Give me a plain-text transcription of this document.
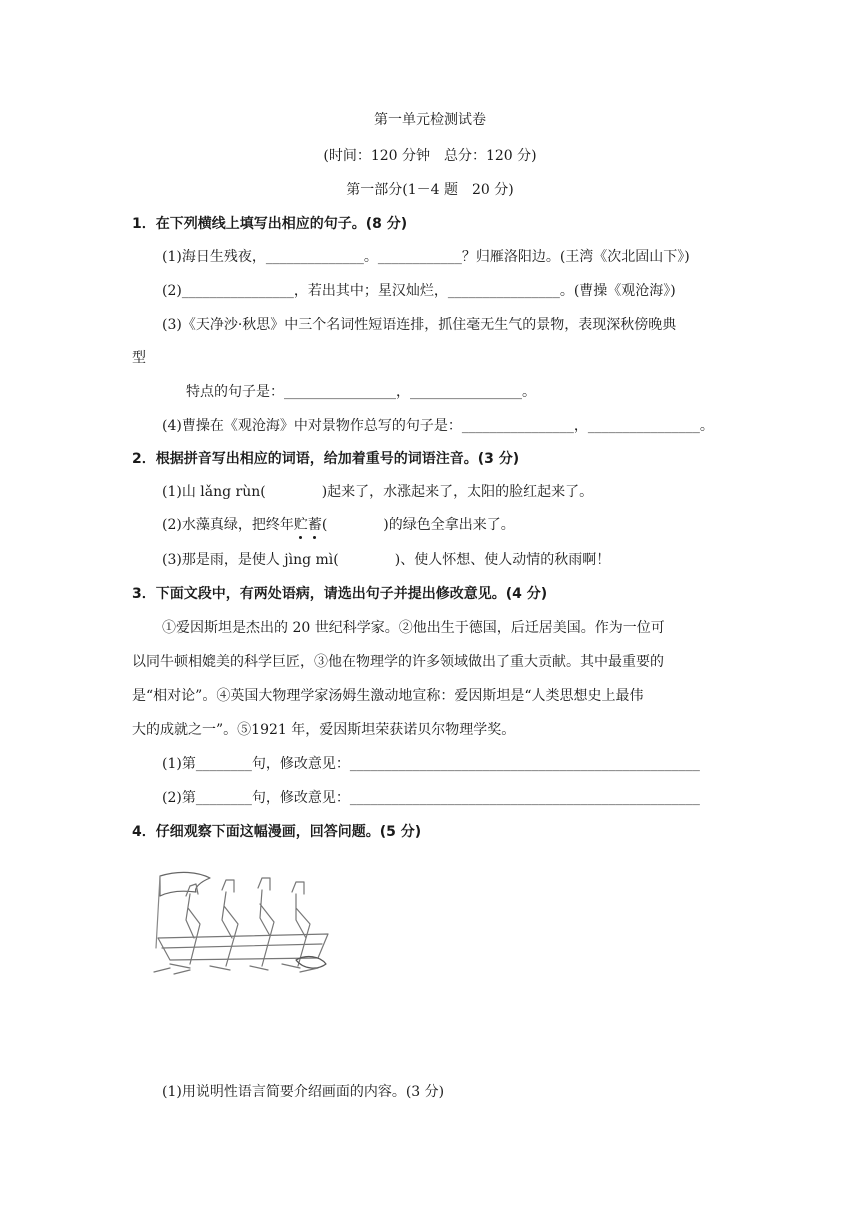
第一单元检测试卷
(时间：120 分钟　总分：120 分)
第一部分(1－4 题　20 分)
1．在下列横线上填写出相应的句子。(8 分)
(1)海日生残夜，______________。____________？归雁洛阳边。(王湾《次北固山下》)
(2)________________，若出其中；星汉灿烂，________________。(曹操《观沧海》)
(3)《天净沙·秋思》中三个名词性短语连排，抓住毫无生气的景物，表现深秋傍晚典
型
特点的句子是：________________，________________。
(4)曹操在《观沧海》中对景物作总写的句子是：________________，________________。
2．根据拼音写出相应的词语，给加着重号的词语注音。(3 分)
(1)山 lǎng rùn(　　　　)起来了，水涨起来了，太阳的脸红起来了。
(2)水藻真绿，把终年贮蓄(　　　　)的绿色全拿出来了。
(3)那是雨，是使人 jìng mì(　　　　)、使人怀想、使人动情的秋雨啊！
3．下面文段中，有两处语病，请选出句子并提出修改意见。(4 分)
①爱因斯坦是杰出的 20 世纪科学家。②他出生于德国，后迁居美国。作为一位可
以同牛顿相媲美的科学巨匠，③他在物理学的许多领域做出了重大贡献。其中最重要的
是“相对论”。④英国大物理学家汤姆生激动地宣称：爱因斯坦是“人类思想史上最伟
大的成就之一”。⑤1921 年，爱因斯坦荣获诺贝尔物理学奖。
(1)第________句，修改意见：__________________________________________________
(2)第________句，修改意见：__________________________________________________
4．仔细观察下面这幅漫画，回答问题。(5 分)
(1)用说明性语言简要介绍画面的内容。(3 分)
